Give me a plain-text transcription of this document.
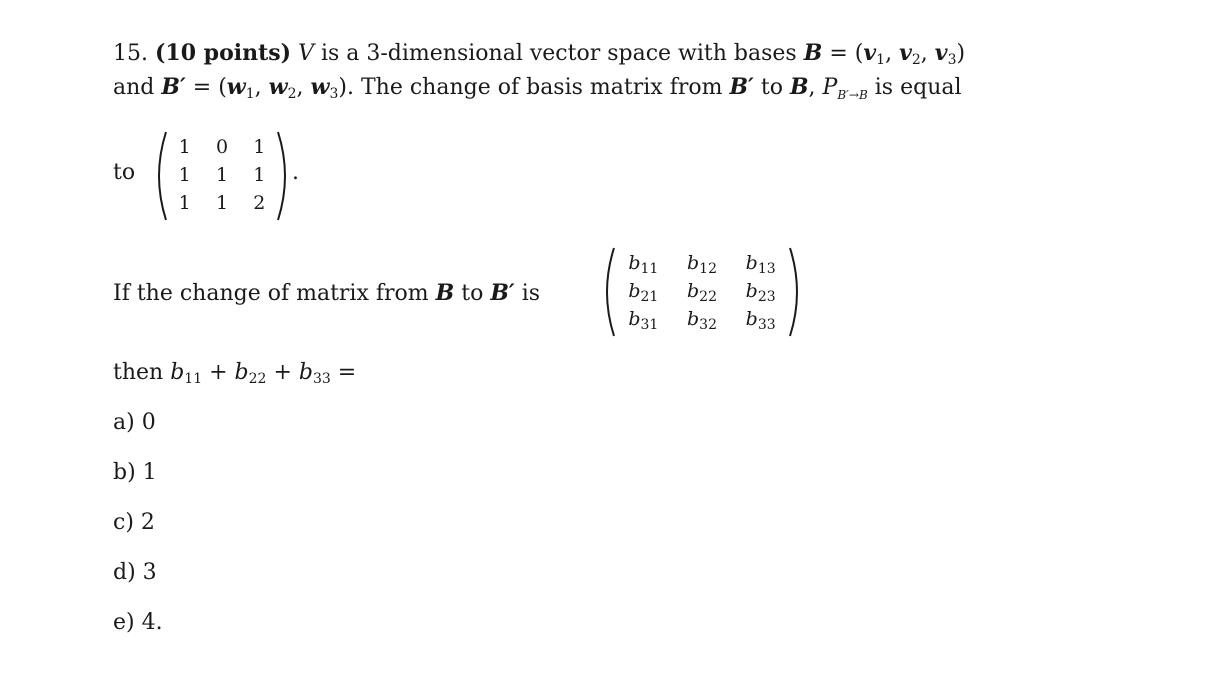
15. (10 points) V is a 3-dimensional vector space with bases $B = (v_1$, $v_2$, $v_3$)
and $B' = (w_1$, $w_2$, $w_3$). The change of basis matrix from B′ to B, $P_{B'\to B}$ is equal
to
1	0	1
1	1	1
1	1	2
.
If the change of matrix from B to B′ is
$b_{11}$	$b_{12}$	$b_{13}$
$b_{21}$	$b_{22}$	$b_{23}$
$b_{31}$	$b_{32}$	$b_{33}$
then $b_{11} + b_{22} + b_{33}$ =
a) 0
b) 1
c) 2
d) 3
e) 4.
